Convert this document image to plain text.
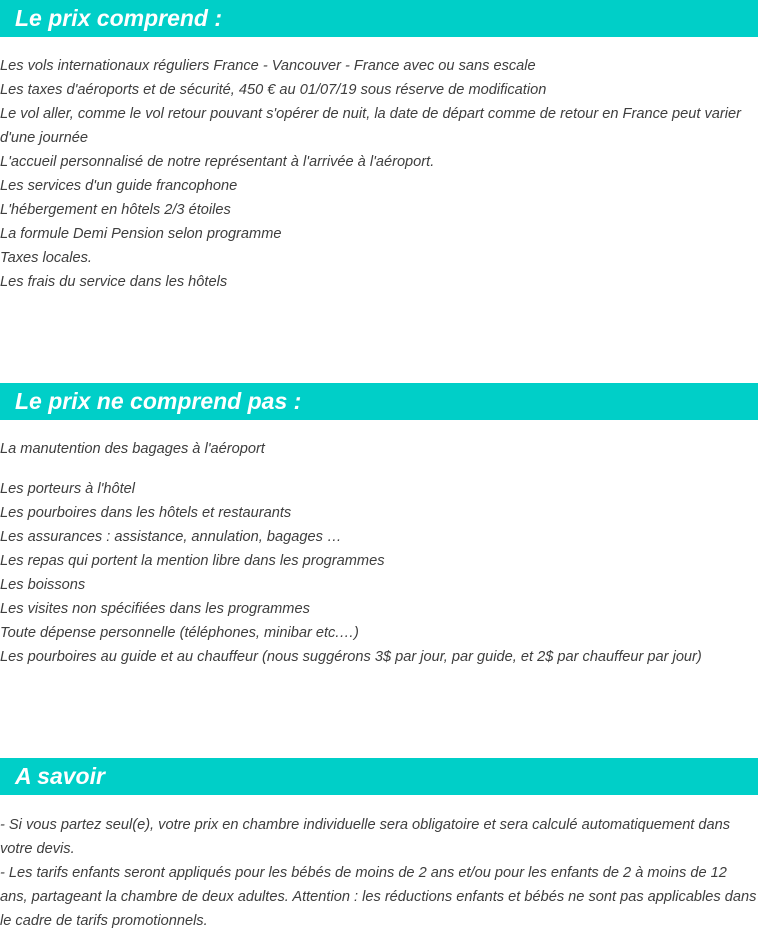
Le prix comprend :
Les vols internationaux réguliers France - Vancouver - France avec ou sans escale
Les taxes d'aéroports et de sécurité, 450 € au 01/07/19 sous réserve de modification
Le vol aller, comme le vol retour pouvant s'opérer de nuit, la date de départ comme de retour en France peut varier d'une journée
L'accueil personnalisé de notre représentant à l'arrivée à l'aéroport.
Les services d'un guide francophone
L'hébergement en hôtels 2/3 étoiles
La formule Demi Pension selon programme
Taxes locales.
Les frais du service dans les hôtels
Le prix ne comprend pas :
La manutention des bagages à l'aéroport
Les porteurs à l'hôtel
Les pourboires dans les hôtels et restaurants
Les assurances : assistance, annulation, bagages …
Les repas qui portent la mention libre dans les programmes
Les boissons
Les visites non spécifiées dans les programmes
Toute dépense personnelle (téléphones, minibar etc.…)
Les pourboires au guide et au chauffeur (nous suggérons 3$ par jour, par guide, et 2$ par chauffeur par jour)
A savoir
- Si vous partez seul(e), votre prix en chambre individuelle sera obligatoire et sera calculé automatiquement dans votre devis.
- Les tarifs enfants seront appliqués pour les bébés de moins de 2 ans et/ou pour les enfants de 2 à moins de 12 ans, partageant la chambre de deux adultes. Attention : les réductions enfants et bébés ne sont pas applicables dans le cadre de tarifs promotionnels.
